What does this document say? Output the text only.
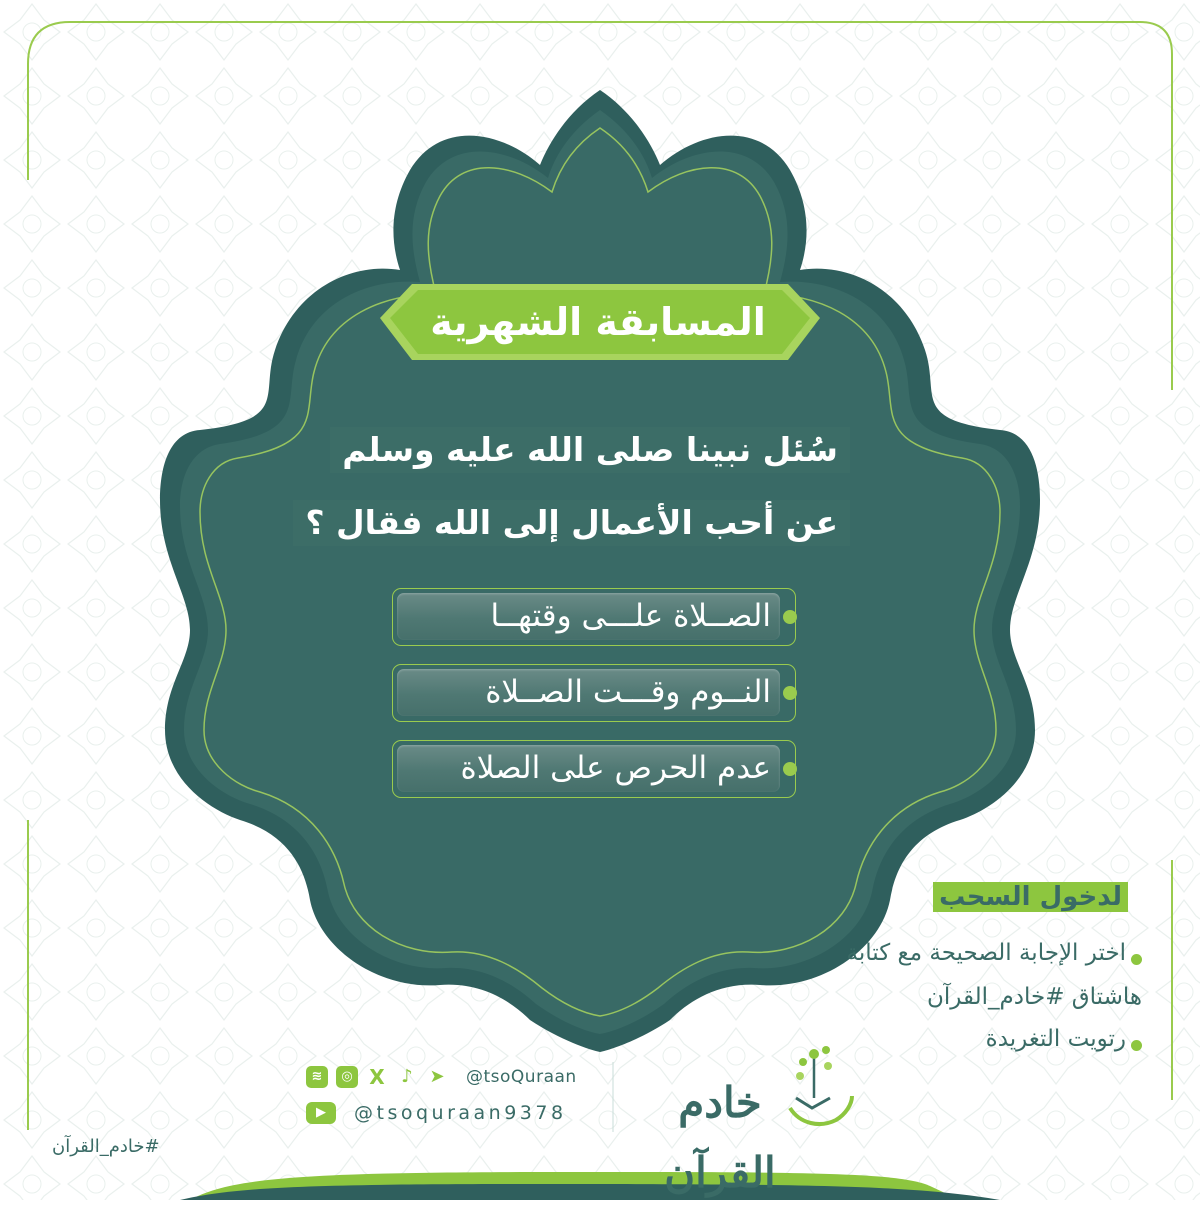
المسابقة الشهرية
سُئل نبينا صلى الله عليه وسلم
عن أحب الأعمال إلى الله فقال ؟
الصــلاة علـــى وقتهــا
النــوم وقـــت الصــلاة
عدم الحرص على الصلاة
لدخول السحب
اختر الإجابة الصحيحة مع كتابة
هاشتاق #خادم_القرآن
رتويت التغريدة
≋	◎ X ♪ ➤ @tsoQuraan
▶	@tsoquraan9378	خادم القرآن
#خادم_القرآن
